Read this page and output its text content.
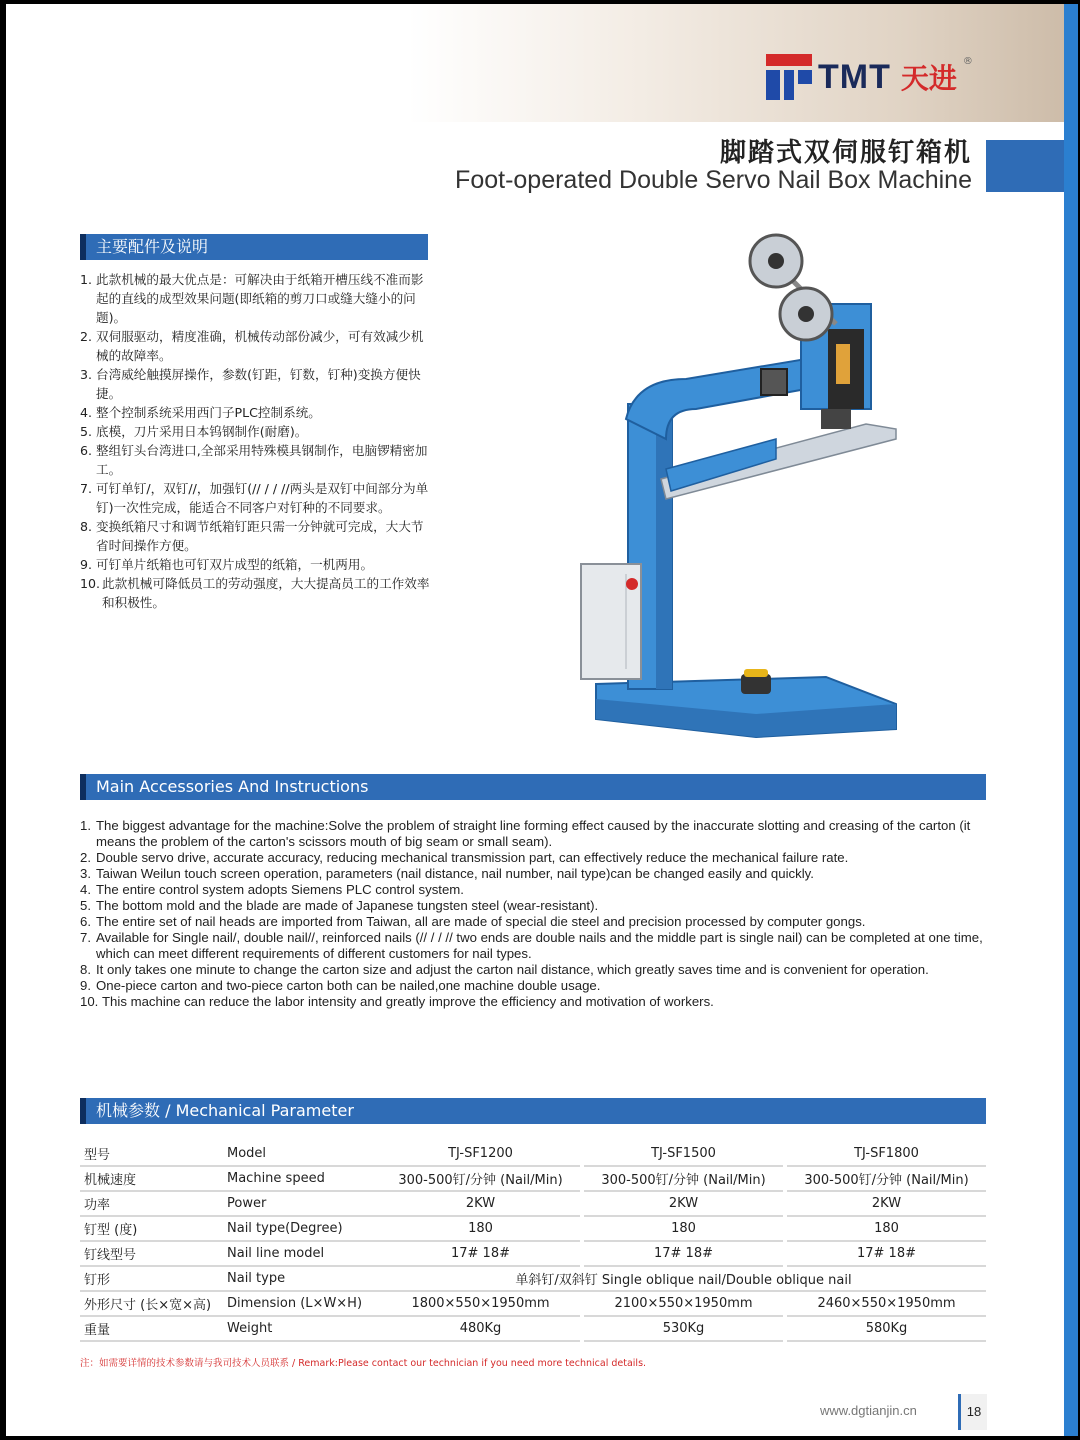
TMT 天进
®
脚踏式双伺服钉箱机
Foot-operated Double Servo Nail Box Machine
主要配件及说明
1. 此款机械的最大优点是：可解决由于纸箱开槽压线不准而影起的直线的成型效果问题(即纸箱的剪刀口或缝大缝小的问题)。
2. 双伺服驱动，精度准确，机械传动部份减少，可有效减少机械的故障率。
3. 台湾威纶触摸屏操作，参数(钉距，钉数，钉种)变换方便快捷。
4. 整个控制系统采用西门子PLC控制系统。
5. 底模，刀片采用日本钨钢制作(耐磨)。
6. 整组钉头台湾进口,全部采用特殊模具钢制作，电脑锣精密加工。
7. 可钉单钉/，双钉//，加强钉(// / / //两头是双钉中间部分为单钉)一次性完成，能适合不同客户对钉种的不同要求。
8. 变换纸箱尺寸和调节纸箱钉距只需一分钟就可完成，大大节省时间操作方便。
9. 可钉单片纸箱也可钉双片成型的纸箱，一机两用。
10. 此款机械可降低员工的劳动强度，大大提高员工的工作效率和积极性。
Main Accessories And Instructions
1. The biggest advantage for the machine:Solve the problem of straight line forming effect caused by the inaccurate slotting and creasing of the carton (it means the problem of the carton's scissors mouth of big seam or small seam).
2. Double servo drive, accurate accuracy, reducing mechanical transmission part, can effectively reduce the mechanical failure rate.
3. Taiwan Weilun touch screen operation, parameters (nail distance, nail number, nail type)can be changed easily and quickly.
4. The entire control system adopts Siemens PLC control system.
5. The bottom mold and the blade are made of Japanese tungsten steel (wear-resistant).
6. The entire set of nail heads are imported from Taiwan, all are made of special die steel and precision processed by computer gongs.
7. Available for Single nail/, double nail//, reinforced nails (// / / // two ends are double nails and the middle part is single nail) can be completed at one time, which can meet different requirements of different customers for nail types.
8. It only takes one minute to change the carton size and adjust the carton nail distance, which greatly saves time and is convenient for operation.
9. One-piece carton and two-piece carton both can be nailed,one machine double usage.
10. This machine can reduce the labor intensity and greatly improve the efficiency and motivation of workers.
机械参数 / Mechanical Parameter
型号	Model	TJ-SF1200		TJ-SF1500		TJ-SF1800
机械速度	Machine speed	300-500钉/分钟 (Nail/Min)		300-500钉/分钟 (Nail/Min)		300-500钉/分钟 (Nail/Min)
功率	Power	2KW		2KW		2KW
钉型 (度)	Nail type(Degree)	180		180		180
钉线型号	Nail line model	17# 18#		17# 18#		17# 18#
钉形	Nail type	单斜钉/双斜钉 Single oblique nail/Double oblique nail				
外形尺寸 (长×宽×高)	Dimension (L×W×H)	1800×550×1950mm		2100×550×1950mm		2460×550×1950mm
重量	Weight	480Kg		530Kg		580Kg
注：如需要详情的技术参数请与我司技术人员联系 / Remark:Please contact our technician if you need more technical details.
www.dgtianjin.cn	18
